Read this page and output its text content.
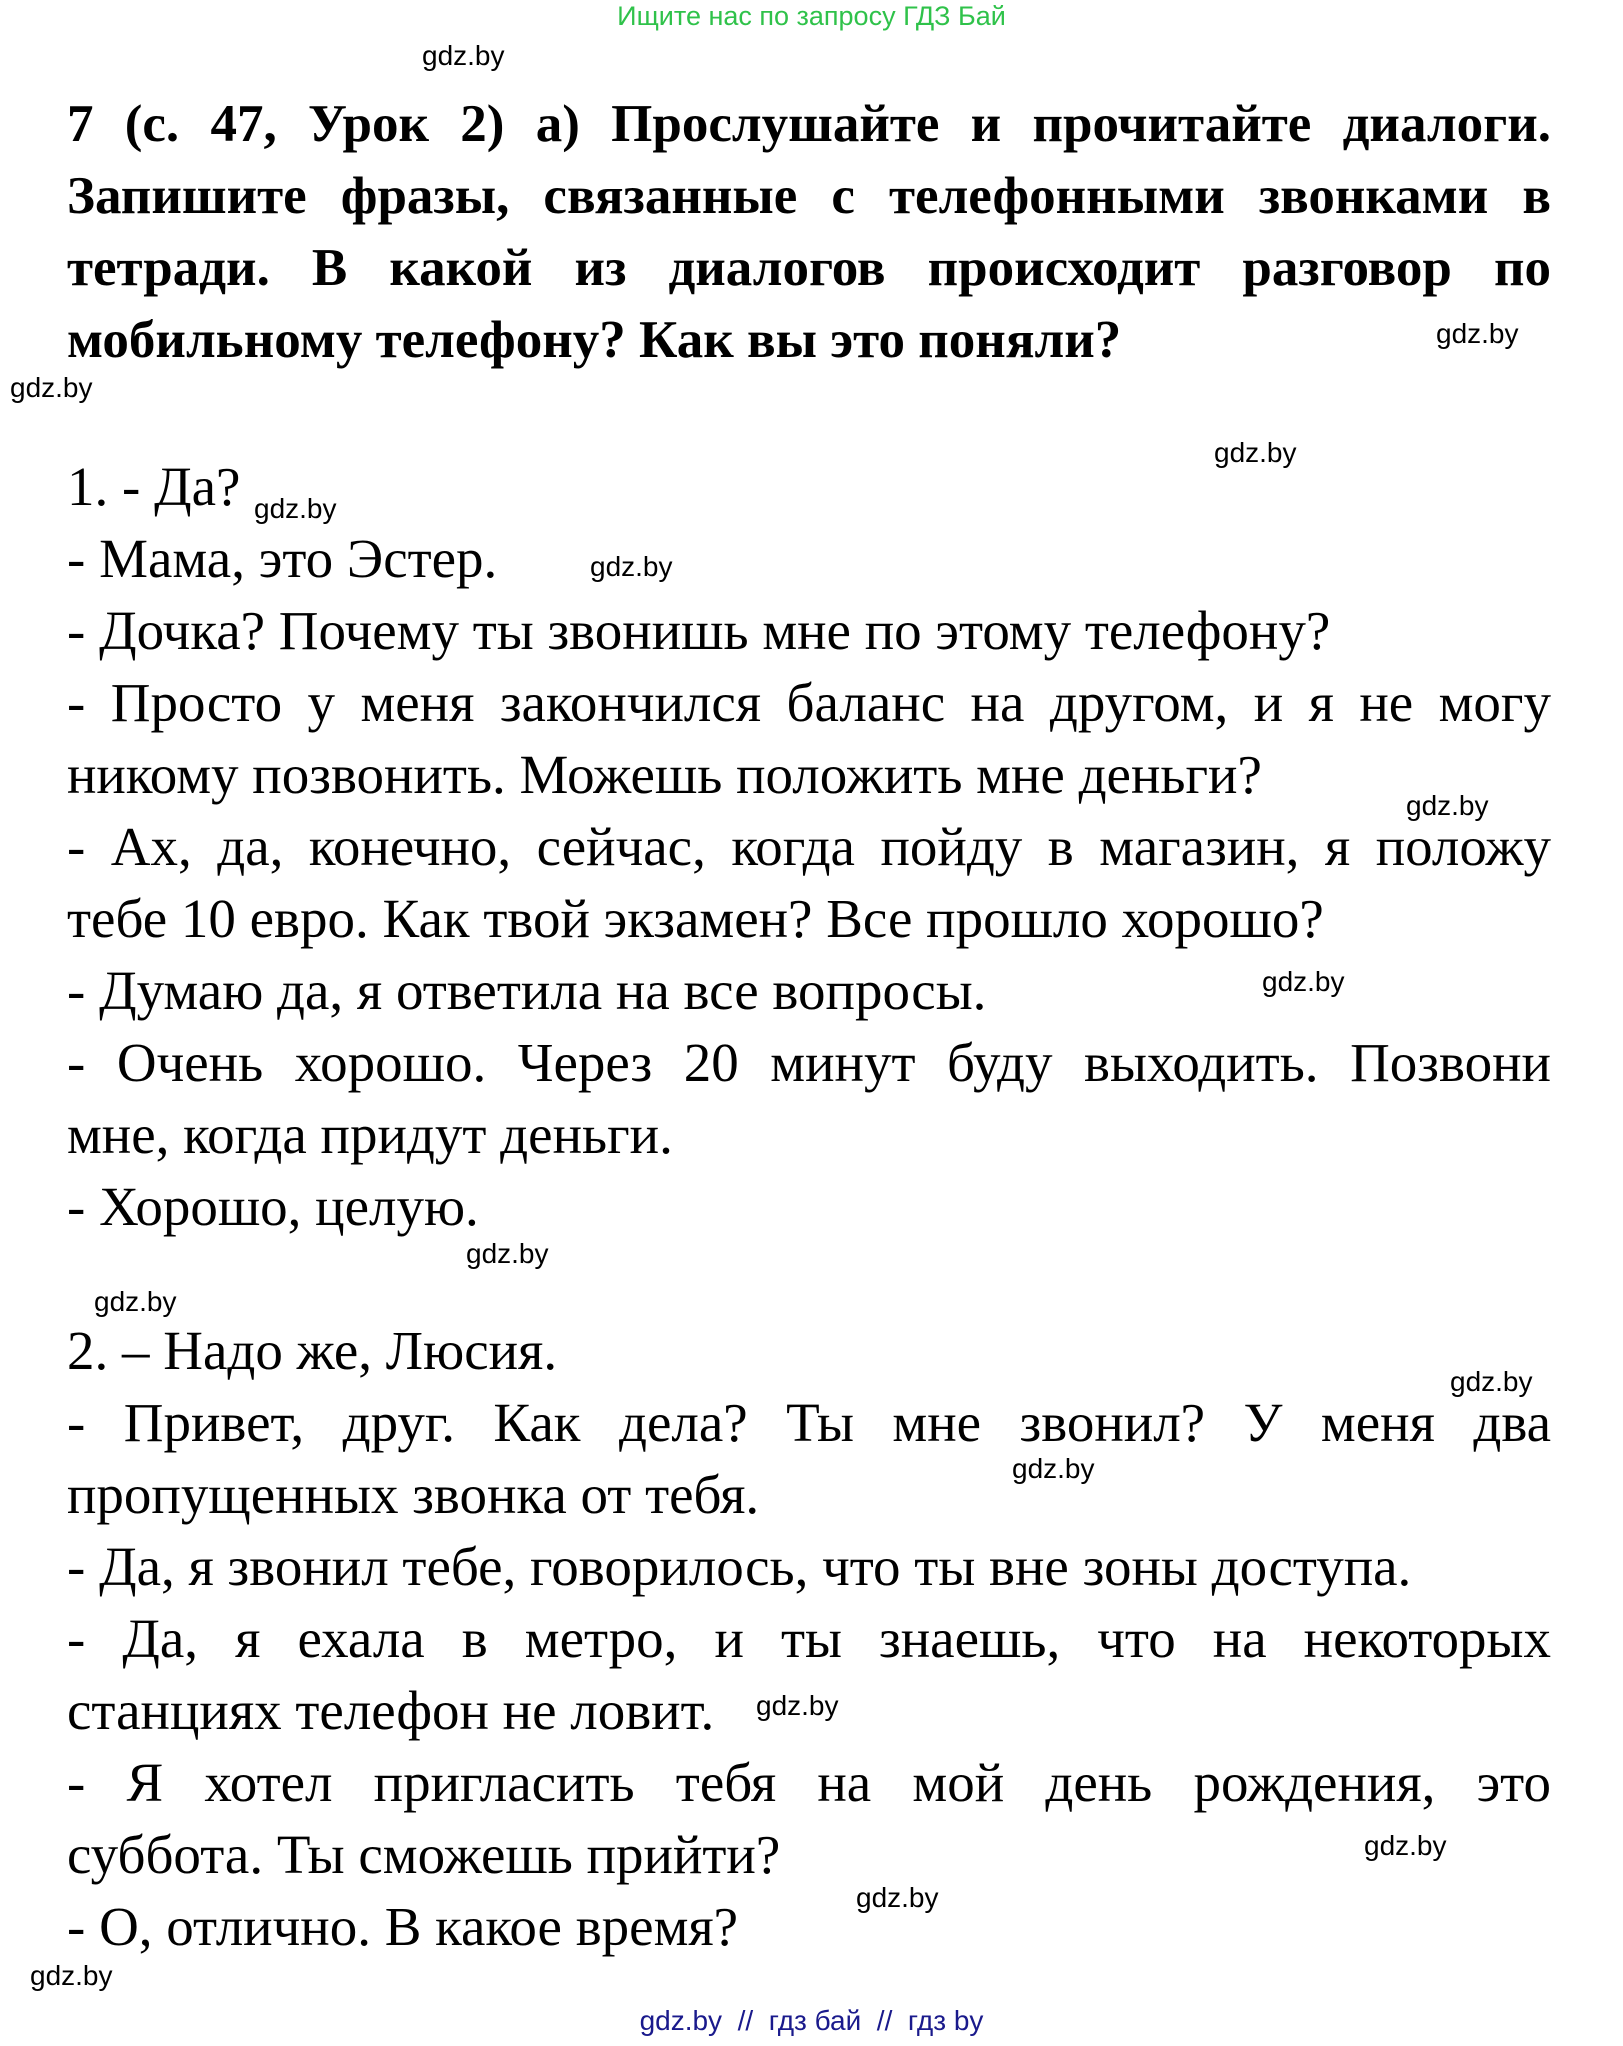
Ищите нас по запросу ГДЗ Бай
gdz.by
gdz.by
gdz.by
gdz.by
gdz.by
gdz.by
gdz.by
gdz.by
gdz.by
gdz.by
gdz.by
gdz.by
gdz.by
gdz.by
gdz.by
gdz.by
7 (с. 47, Урок 2) а) Прослушайте и прочитайте диалоги. Запишите фразы, связанные с телефонными звонками в тетради. В какой из диалогов происходит разговор по мобильному телефону? Как вы это поняли?
1. - Да?
- Мама, это Эстер.
- Дочка? Почему ты звонишь мне по этому телефону?
- Просто у меня закончился баланс на другом, и я не могу
никому позвонить. Можешь положить мне деньги?
- Ах, да, конечно, сейчас, когда пойду в магазин, я положу
тебе 10 евро. Как твой экзамен? Все прошло хорошо?
- Думаю да, я ответила на все вопросы.
- Очень хорошо. Через 20 минут буду выходить. Позвони
мне, когда придут деньги.
- Хорошо, целую.
2. – Надо же, Люсия.
- Привет, друг. Как дела? Ты мне звонил? У меня два
пропущенных звонка от тебя.
- Да, я звонил тебе, говорилось, что ты вне зоны доступа.
- Да, я ехала в метро, и ты знаешь, что на некоторых
станциях телефон не ловит.
- Я хотел пригласить тебя на мой день рождения, это
суббота. Ты сможешь прийти?
- О, отлично. В какое время?
gdz.by  //  гдз бай  //  гдз by
